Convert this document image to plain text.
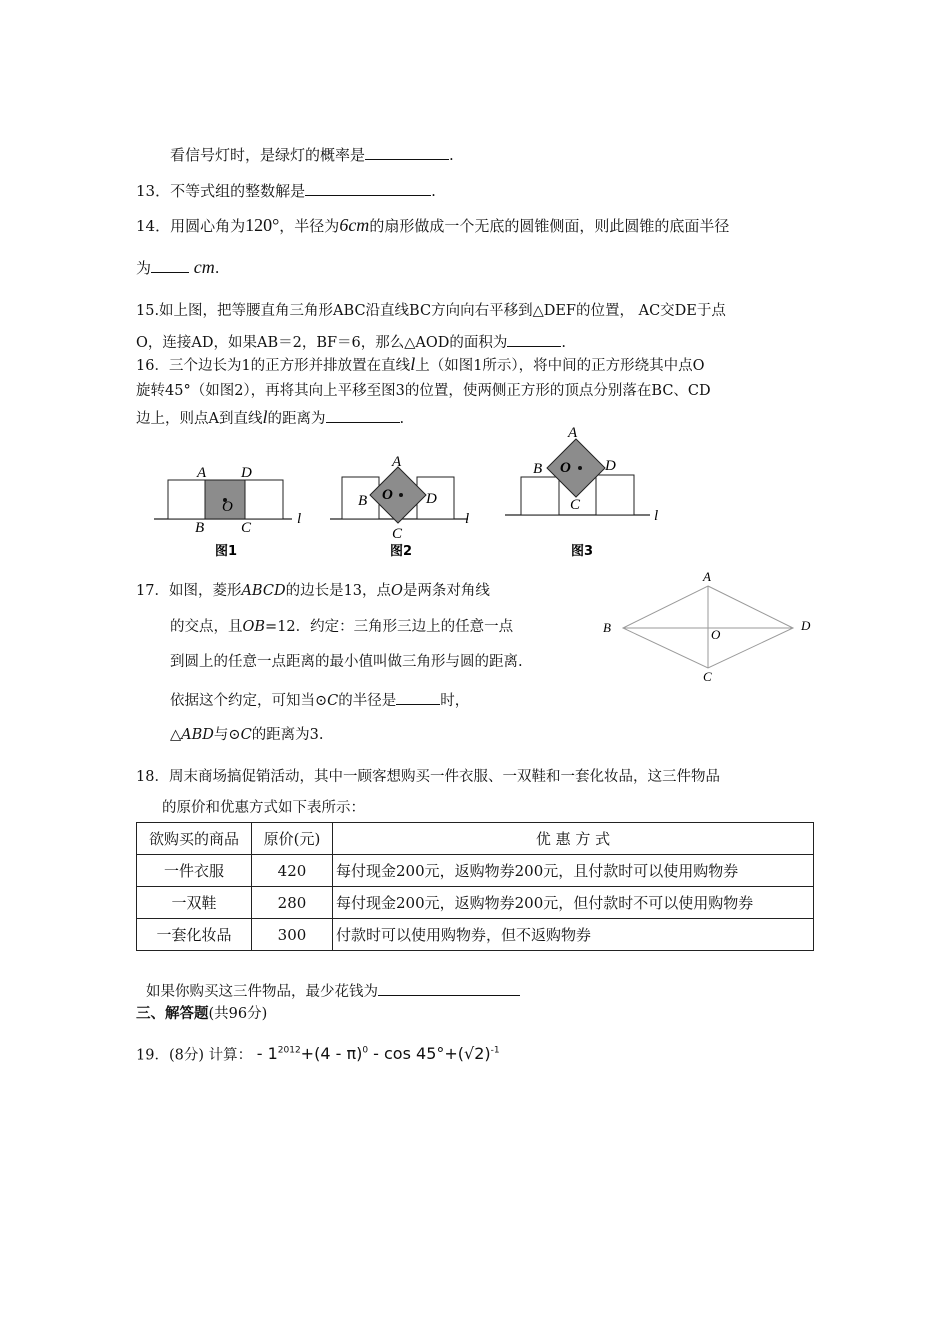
看信号灯时，是绿灯的概率是	.
13．不等式组的整数解是	.
14．用圆心角为120°，半径为6cm的扇形做成一个无底的圆锥侧面，则此圆锥的底面半径
为 cm.
15.如上图，把等腰直角三角形ABC沿直线BC方向向右平移到△DEF的位置， AC交DE于点
O，连接AD，如果AB＝2，BF＝6，那么△AOD的面积为	.
16．三个边长为1的正方形并排放置在直线l上（如图1所示），将中间的正方形绕其中点O
旋转45°（如图2），再将其向上平移至图3的位置，使两侧正方形的顶点分别落在BC、CD
边上，则点A到直线l的距离为	.
A D
O
B C
l
图1
A
B O D
C
l
图2
A
B O D
C
l
图3
17．如图，菱形ABCD的边长是13，点O是两条对角线
的交点，且OB=12．约定：三角形三边上的任意一点
到圆上的任意一点距离的最小值叫做三角形与圆的距离.
依据这个约定，可知当⊙C的半径是	时，
△ABD与⊙C的距离为3.
A
B	D
O
C
18．周末商场搞促销活动，其中一顾客想购买一件衣服、一双鞋和一套化妆品，这三件物品
的原价和优惠方式如下表所示：
欲购买的商品	原价(元)	优 惠 方 式
一件衣服	420	每付现金200元，返购物券200元，且付款时可以使用购物券
一双鞋	280	每付现金200元，返购物券200元，但付款时不可以使用购物券
一套化妆品	300	付款时可以使用购物券，但不返购物券
如果你购买这三件物品，最少花钱为
三、解答题(共96分)
19．(8分) 计算： - $1^{2012}+(4 - \pi)^0 - \cos 45^\circ+(√2)^{-1}$
